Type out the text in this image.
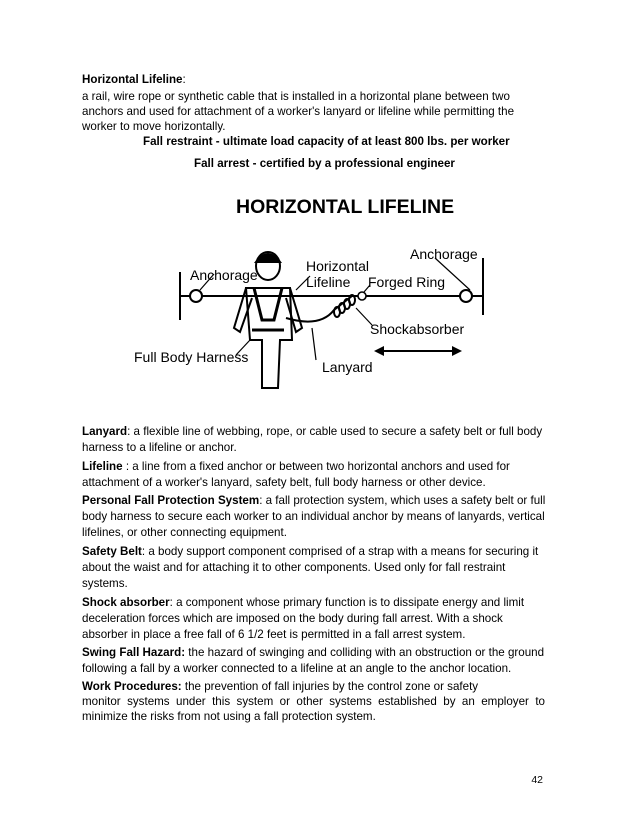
Horizontal Lifeline:
a rail, wire rope or synthetic cable that is installed in a horizontal plane between two
anchors and used for attachment of a worker's lanyard or lifeline while permitting the
worker to move horizontally.
Fall restraint - ultimate load capacity of at least 800 lbs. per worker
Fall arrest - certified by a professional engineer
HORIZONTAL LIFELINE
Anchorage
Horizontal
Lifeline Forged Ring
Anchorage
Shockabsorber
Full Body Harness
Lanyard
Lanyard: a flexible line of webbing, rope, or cable used to secure a safety belt or full body
harness to a lifeline or anchor.
Lifeline : a line from a fixed anchor or between two horizontal anchors and used for
attachment of a worker's lanyard, safety belt, full body harness or other device.
Personal Fall Protection System: a fall protection system, which uses a safety belt or full
body harness to secure each worker to an individual anchor by means of lanyards, vertical
lifelines, or other connecting equipment.
Safety Belt: a body support component comprised of a strap with a means for securing it
about the waist and for attaching it to other components. Used only for fall restraint
systems.
Shock absorber: a component whose primary function is to dissipate energy and limit
deceleration forces which are imposed on the body during fall arrest. With a shock
absorber in place a free fall of 6 1/2 feet is permitted in a fall arrest system.
Swing Fall Hazard: the hazard of swinging and colliding with an obstruction or the ground
following a fall by a worker connected to a lifeline at an angle to the anchor location.
Work Procedures: the prevention of fall injuries by the control zone or safety
monitor systems under this system or other systems established by an employer to
minimize the risks from not using a fall protection system.
42
